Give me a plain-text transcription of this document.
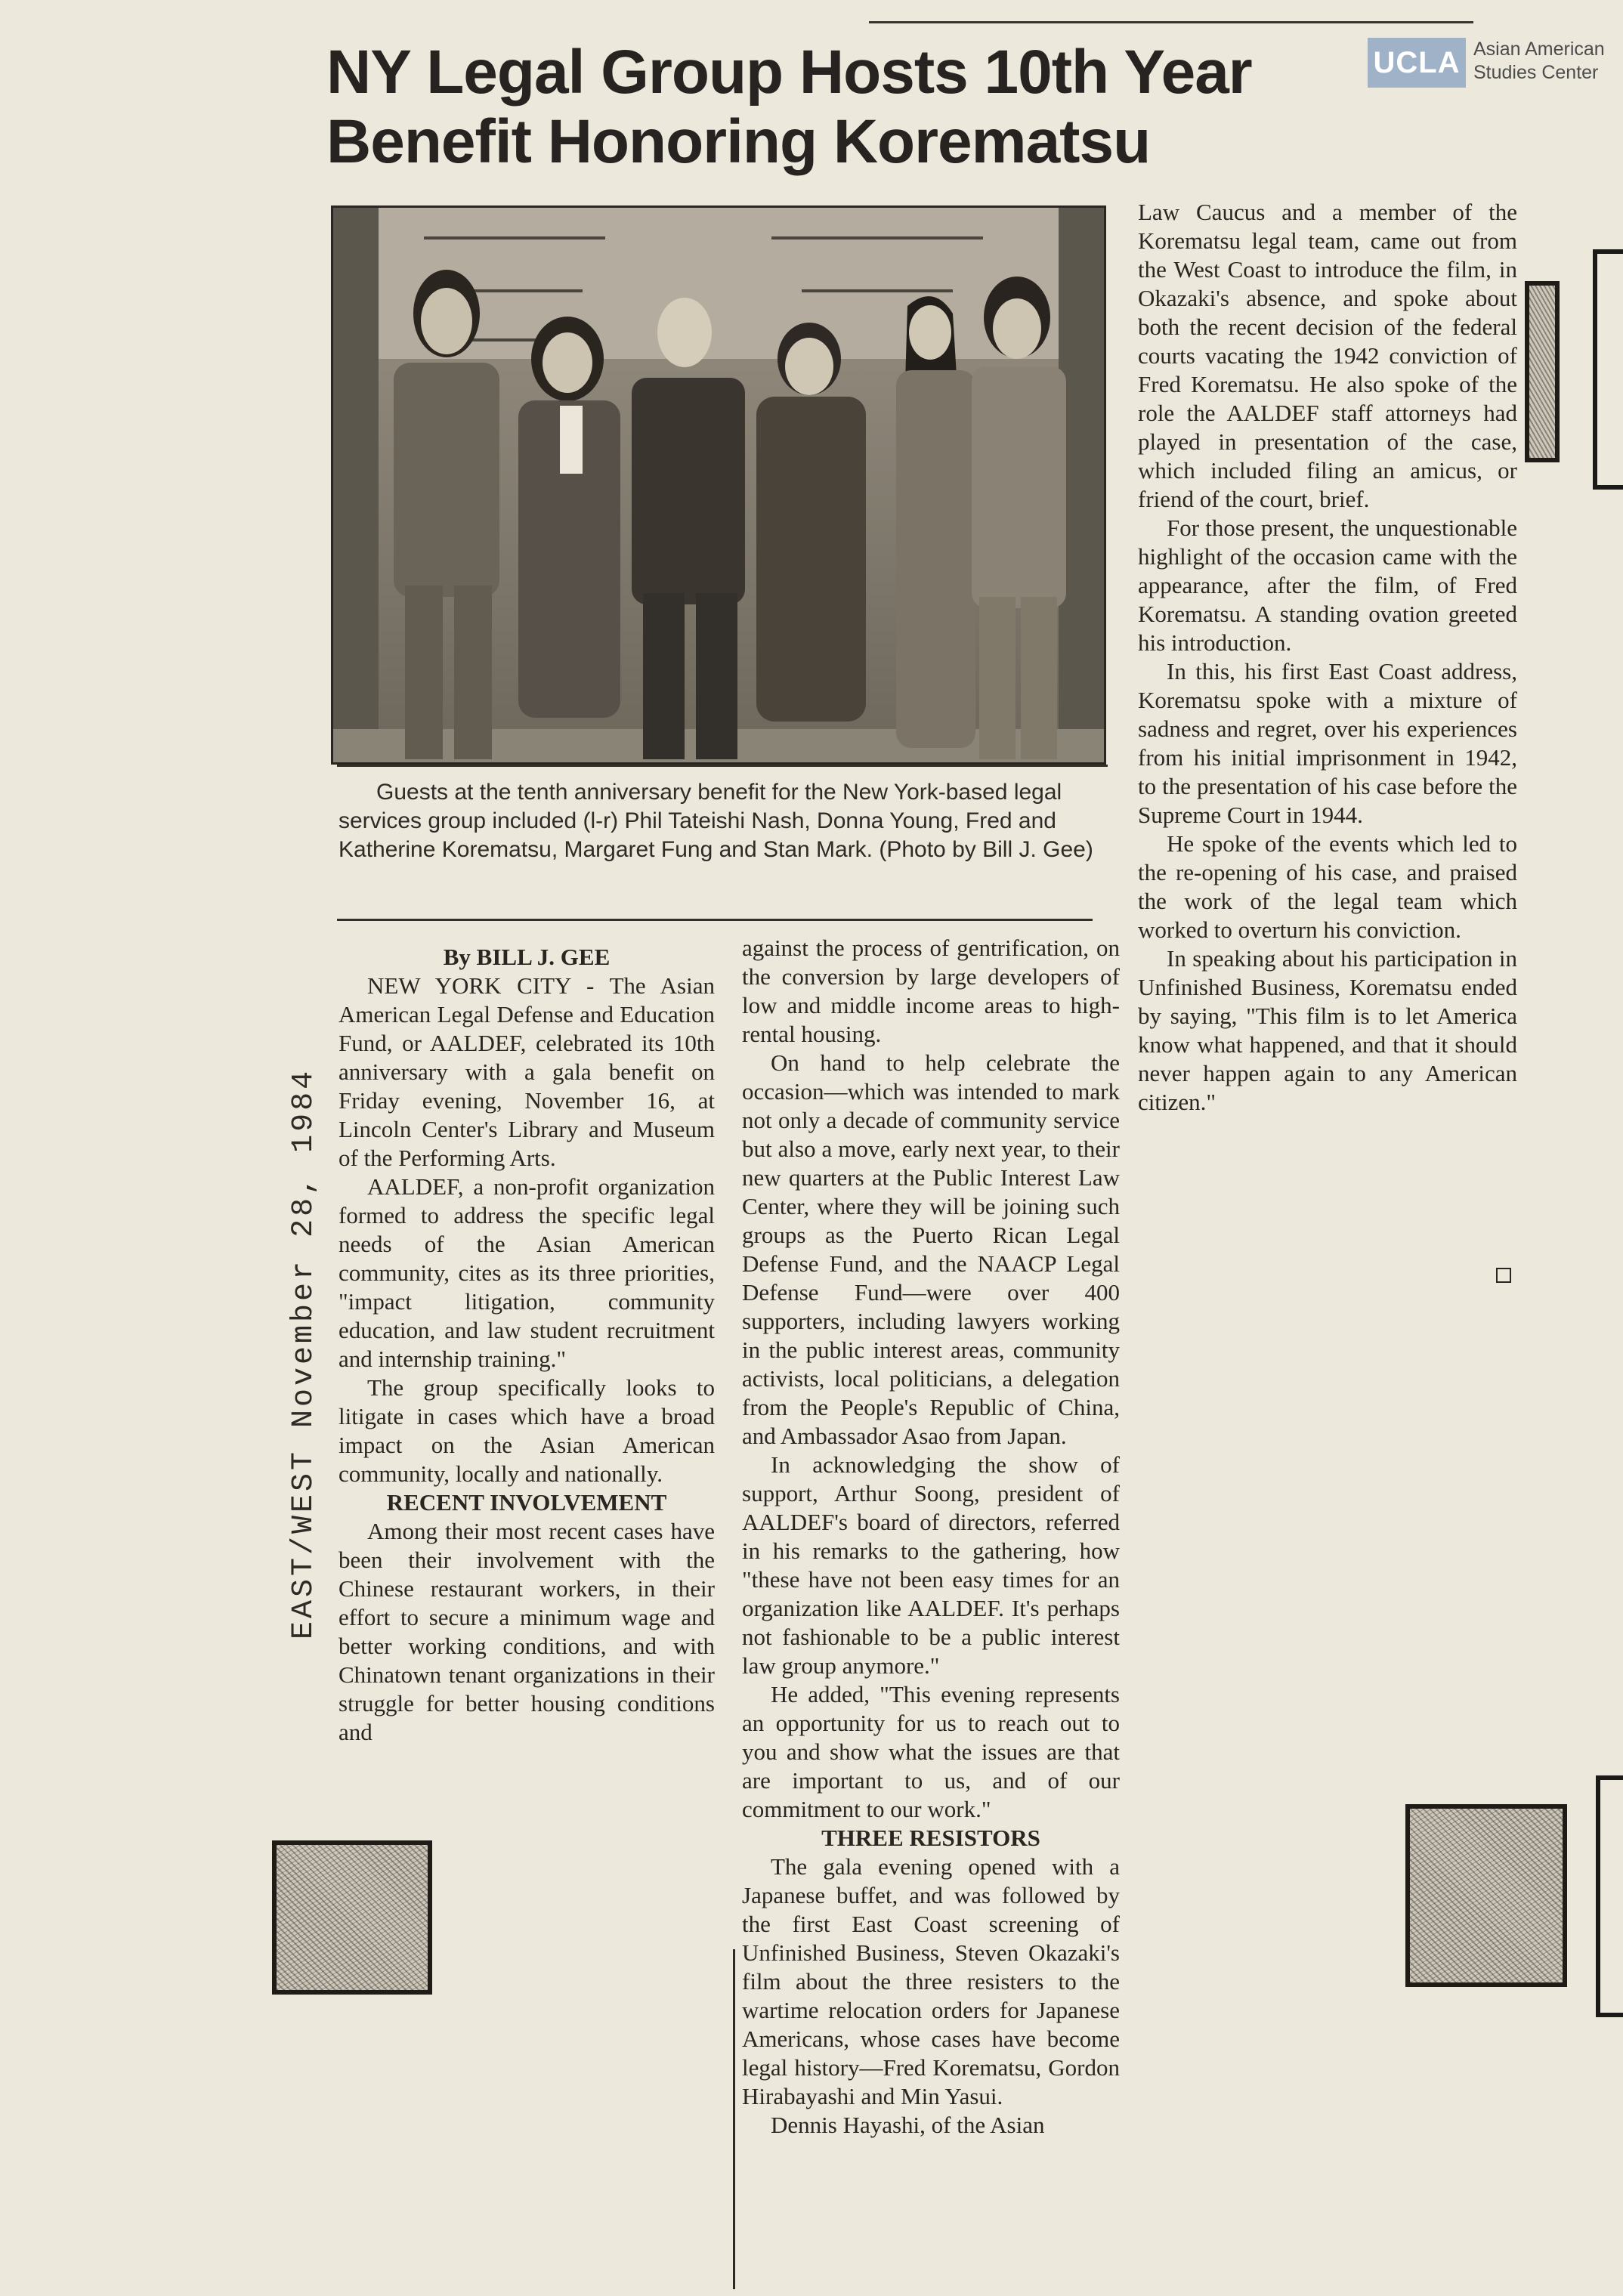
UCLA Asian American Studies Center
NY Legal Group Hosts 10th Year
Benefit Honoring Korematsu
Guests at the tenth anniversary benefit for the New York-based legal services group included (l-r) Phil Tateishi Nash, Donna Young, Fred and Katherine Korematsu, Margaret Fung and Stan Mark. (Photo by Bill J. Gee)
EAST/WEST November 28, 1984

By BILL J. GEE

NEW YORK CITY - The Asian American Legal Defense and Education Fund, or AALDEF, celebrated its 10th anniversary with a gala benefit on Friday evening, November 16, at Lincoln Center's Library and Museum of the Performing Arts.

AALDEF, a non-profit organization formed to address the specific legal needs of the Asian American community, cites as its three priorities, "impact litigation, community education, and law student recruitment and internship training."

The group specifically looks to litigate in cases which have a broad impact on the Asian American community, locally and nationally.

RECENT INVOLVEMENT

Among their most recent cases have been their involvement with the Chinese restaurant workers, in their effort to secure a minimum wage and better working conditions, and with Chinatown tenant organizations in their struggle for better housing conditions and

against the process of gentrification, on the conversion by large developers of low and middle income areas to high-rental housing.

On hand to help celebrate the occasion—which was intended to mark not only a decade of community service but also a move, early next year, to their new quarters at the Public Interest Law Center, where they will be joining such groups as the Puerto Rican Legal Defense Fund, and the NAACP Legal Defense Fund—were over 400 supporters, including lawyers working in the public interest areas, community activists, local politicians, a delegation from the People's Republic of China, and Ambassador Asao from Japan.

In acknowledging the show of support, Arthur Soong, president of AALDEF's board of directors, referred in his remarks to the gathering, how "these have not been easy times for an organization like AALDEF. It's perhaps not fashionable to be a public interest law group anymore."

He added, "This evening represents an opportunity for us to reach out to you and show what the issues are that are important to us, and of our commitment to our work."

THREE RESISTORS

The gala evening opened with a Japanese buffet, and was followed by the first East Coast screening of Unfinished Business, Steven Okazaki's film about the three resisters to the wartime relocation orders for Japanese Americans, whose cases have become legal history—Fred Korematsu, Gordon Hirabayashi and Min Yasui.

Dennis Hayashi, of the Asian

Law Caucus and a member of the Korematsu legal team, came out from the West Coast to introduce the film, in Okazaki's absence, and spoke about both the recent decision of the federal courts vacating the 1942 conviction of Fred Korematsu. He also spoke of the role the AALDEF staff attorneys had played in presentation of the case, which included filing an amicus, or friend of the court, brief.

For those present, the unquestionable highlight of the occasion came with the appearance, after the film, of Fred Korematsu. A standing ovation greeted his introduction.

In this, his first East Coast address, Korematsu spoke with a mixture of sadness and regret, over his experiences from his initial imprisonment in 1942, to the presentation of his case before the Supreme Court in 1944.

He spoke of the events which led to the re-opening of his case, and praised the work of the legal team which worked to overturn his conviction.

In speaking about his participation in Unfinished Business, Korematsu ended by saying, "This film is to let America know what happened, and that it should never happen again to any American citizen."
